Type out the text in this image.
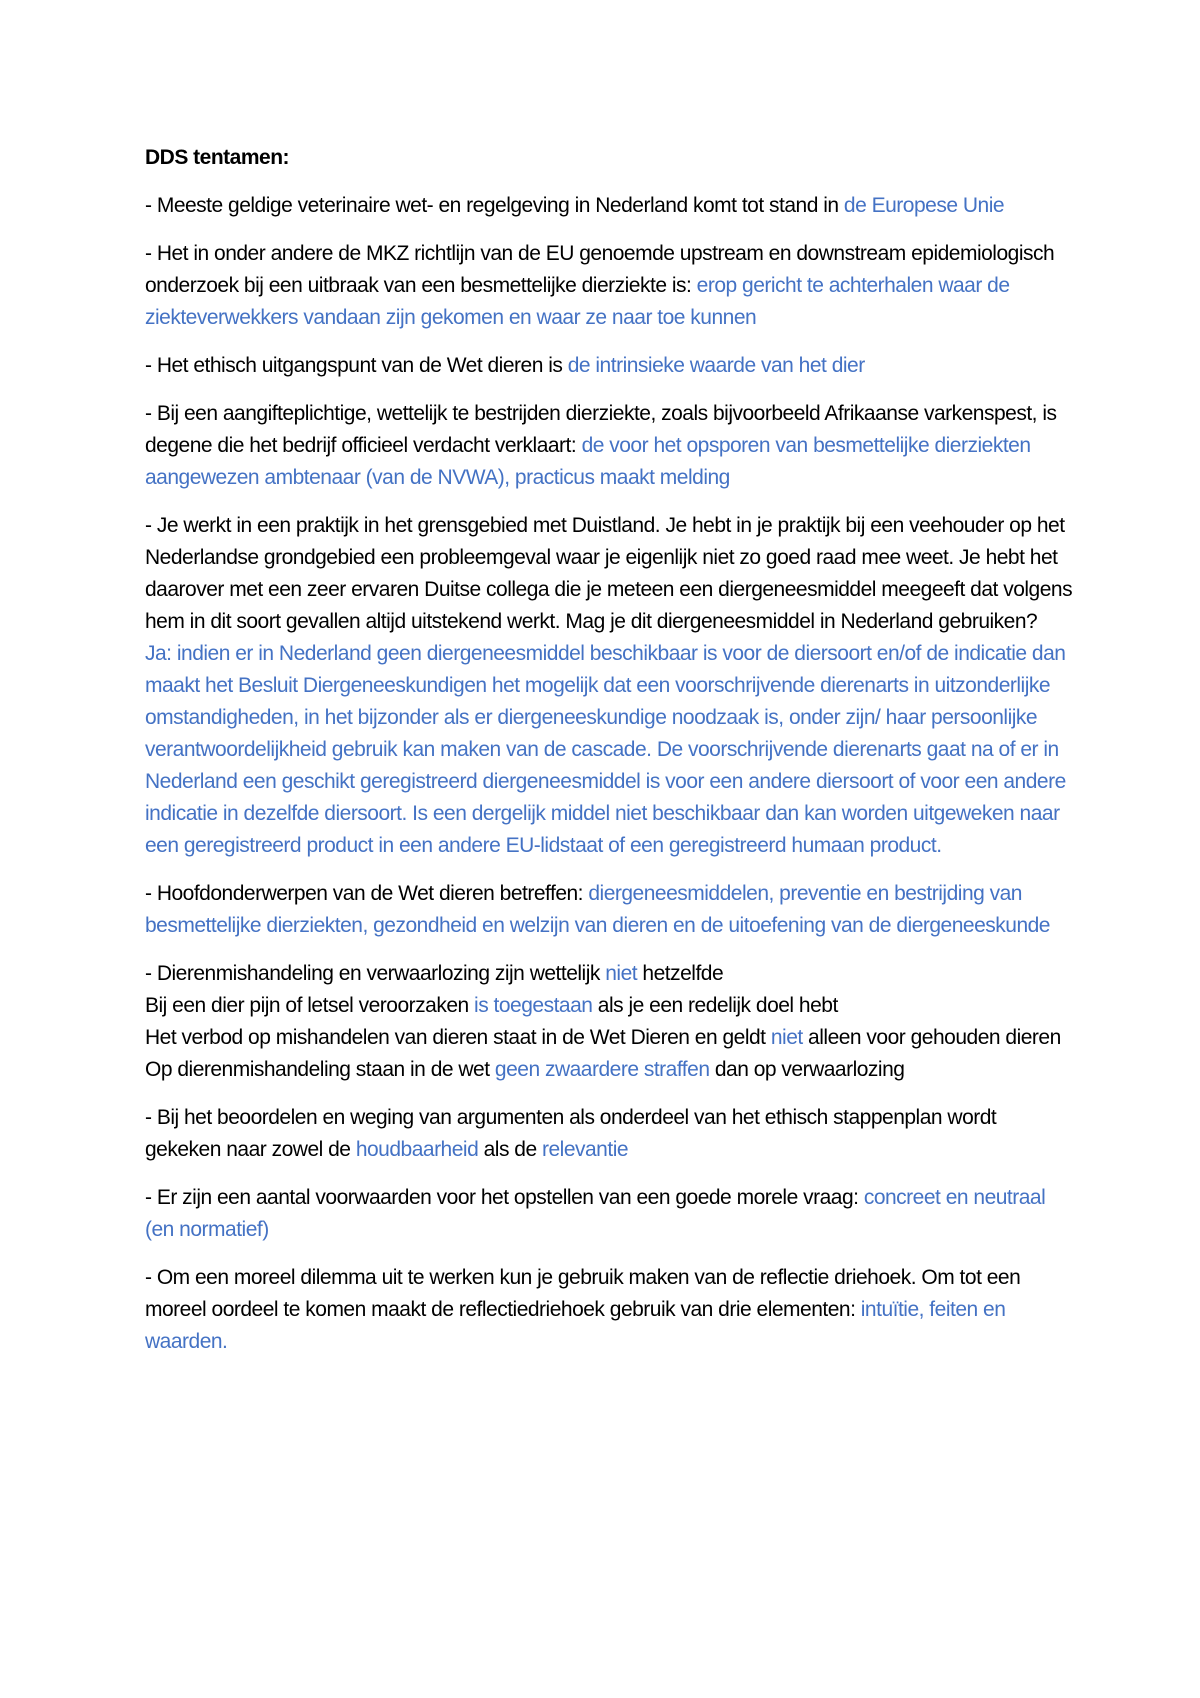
DDS tentamen:

- Meeste geldige veterinaire wet- en regelgeving in Nederland komt tot stand in de Europese Unie

- Het in onder andere de MKZ richtlijn van de EU genoemde upstream en downstream epidemiologisch onderzoek bij een uitbraak van een besmettelijke dierziekte is: erop gericht te achterhalen waar de ziekteverwekkers vandaan zijn gekomen en waar ze naar toe kunnen

- Het ethisch uitgangspunt van de Wet dieren is de intrinsieke waarde van het dier

- Bij een aangifteplichtige, wettelijk te bestrijden dierziekte, zoals bijvoorbeeld Afrikaanse varkenspest, is degene die het bedrijf officieel verdacht verklaart: de voor het opsporen van besmettelijke dierziekten aangewezen ambtenaar (van de NVWA), practicus maakt melding

- Je werkt in een praktijk in het grensgebied met Duistland. Je hebt in je praktijk bij een veehouder op het Nederlandse grondgebied een probleemgeval waar je eigenlijk niet zo goed raad mee weet. Je hebt het daarover met een zeer ervaren Duitse collega die je meteen een diergeneesmiddel meegeeft dat volgens hem in dit soort gevallen altijd uitstekend werkt. Mag je dit diergeneesmiddel in Nederland gebruiken?
Ja: indien er in Nederland geen diergeneesmiddel beschikbaar is voor de diersoort en/of de indicatie dan maakt het Besluit Diergeneeskundigen het mogelijk dat een voorschrijvende dierenarts in uitzonderlijke omstandigheden, in het bijzonder als er diergeneeskundige noodzaak is, onder zijn/ haar persoonlijke verantwoordelijkheid gebruik kan maken van de cascade. De voorschrijvende dierenarts gaat na of er in Nederland een geschikt geregistreerd diergeneesmiddel is voor een andere diersoort of voor een andere indicatie in dezelfde diersoort. Is een dergelijk middel niet beschikbaar dan kan worden uitgeweken naar een geregistreerd product in een andere EU-lidstaat of een geregistreerd humaan product.

- Hoofdonderwerpen van de Wet dieren betreffen: diergeneesmiddelen, preventie en bestrijding van besmettelijke dierziekten, gezondheid en welzijn van dieren en de uitoefening van de diergeneeskunde

- Dierenmishandeling en verwaarlozing zijn wettelijk niet hetzelfde
Bij een dier pijn of letsel veroorzaken is toegestaan als je een redelijk doel hebt
Het verbod op mishandelen van dieren staat in de Wet Dieren en geldt niet alleen voor gehouden dieren
Op dierenmishandeling staan in de wet geen zwaardere straffen dan op verwaarlozing

- Bij het beoordelen en weging van argumenten als onderdeel van het ethisch stappenplan wordt gekeken naar zowel de houdbaarheid als de relevantie

- Er zijn een aantal voorwaarden voor het opstellen van een goede morele vraag: concreet en neutraal (en normatief)

- Om een moreel dilemma uit te werken kun je gebruik maken van de reflectie driehoek. Om tot een moreel oordeel te komen maakt de reflectiedriehoek gebruik van drie elementen: intuïtie, feiten en waarden.
